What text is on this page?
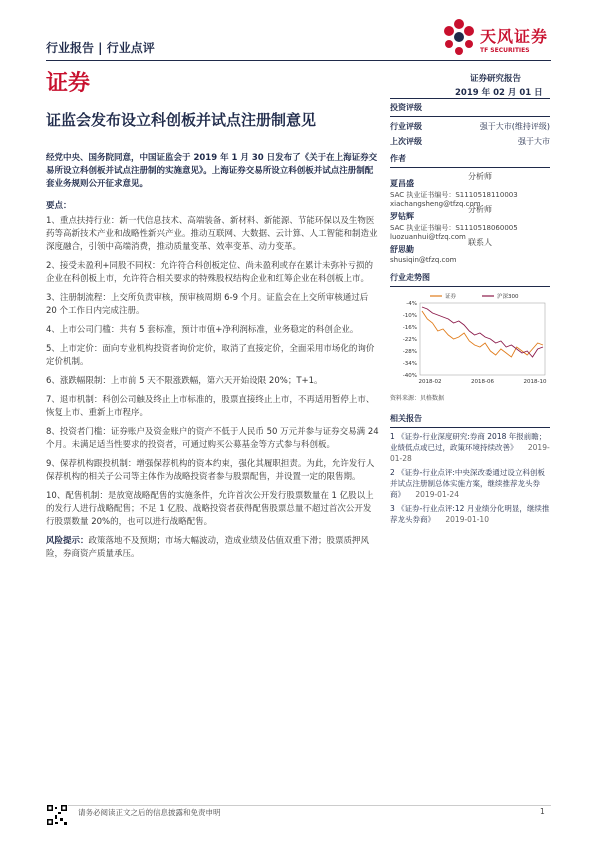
行业报告 | 行业点评
天风证券
TF SECURITIES
证券	证券研究报告
2019 年 02 月 01 日
证监会发布设立科创板并试点注册制意见
投资评级
行业评级	强于大市(维持评级)
上次评级	强于大市
作者
夏昌盛
分析师
SAC 执业证书编号：S1110518110003
xiachangsheng@tfzq.com
罗钻辉
分析师
SAC 执业证书编号：S1110518060005
luozuanhui@tfzq.com
舒思勤
联系人
shusiqin@tfzq.com
行业走势图
-4%
-10%
-16%
-22%
-28%
-34%
-40%
2018-02	2018-06	2018-10
证券	沪深300
资料来源：贝格数据
相关报告
1 《证券-行业深度研究:券商 2018 年报前瞻；业绩低点或已过，政策环境持续改善》 2019-01-28
2 《证券-行业点评:中央深改委通过设立科创板并试点注册制总体实施方案，继续推荐龙头券商》 2019-01-24
3 《证券-行业点评:12 月业绩分化明显，继续推荐龙头券商》 2019-01-10
经党中央、国务院同意，中国证监会于 2019 年 1 月 30 日发布了《关于在上海证券交易所设立科创板并试点注册制的实施意见》。上海证券交易所设立科创板并试点注册制配套业务规则公开征求意见。
要点：
1、重点扶持行业：新一代信息技术、高端装备、新材料、新能源、节能环保以及生物医药等高新技术产业和战略性新兴产业。推动互联网、大数据、云计算、人工智能和制造业深度融合，引领中高端消费，推动质量变革、效率变革、动力变革。
2、接受未盈利+同股不同权：允许符合科创板定位、尚未盈利或存在累计未弥补亏损的企业在科创板上市，允许符合相关要求的特殊股权结构企业和红筹企业在科创板上市。
3、注册制流程：上交所负责审核，预审核周期 6-9 个月。证监会在上交所审核通过后 20 个工作日内完成注册。
4、上市公司门槛：共有 5 套标准，预计市值+净利润标准，业务稳定的科创企业。
5、上市定价：面向专业机构投资者询价定价，取消了直接定价，全面采用市场化的询价定价机制。
6、涨跌幅限制：上市前 5 天不限涨跌幅，第六天开始设限 20%；T+1。
7、退市机制：科创公司触及终止上市标准的，股票直接终止上市，不再适用暂停上市、恢复上市、重新上市程序。
8、投资者门槛：证券账户及资金账户的资产不低于人民币 50 万元并参与证券交易满 24 个月。未满足适当性要求的投资者，可通过购买公募基金等方式参与科创板。
9、保荐机构跟投机制：增强保荐机构的资本约束，强化其履职担责。为此，允许发行人保荐机构的相关子公司等主体作为战略投资者参与股票配售，并设置一定的限售期。
10、配售机制：是放宽战略配售的实施条件，允许首次公开发行股票数量在 1 亿股以上的发行人进行战略配售；不足 1 亿股、战略投资者获得配售股票总量不超过首次公开发行股票数量 20%的，也可以进行战略配售。
风险提示：政策落地不及预期；市场大幅波动，造成业绩及估值双重下滑；股票质押风险，券商资产质量承压。
请务必阅读正文之后的信息披露和免责申明	1
